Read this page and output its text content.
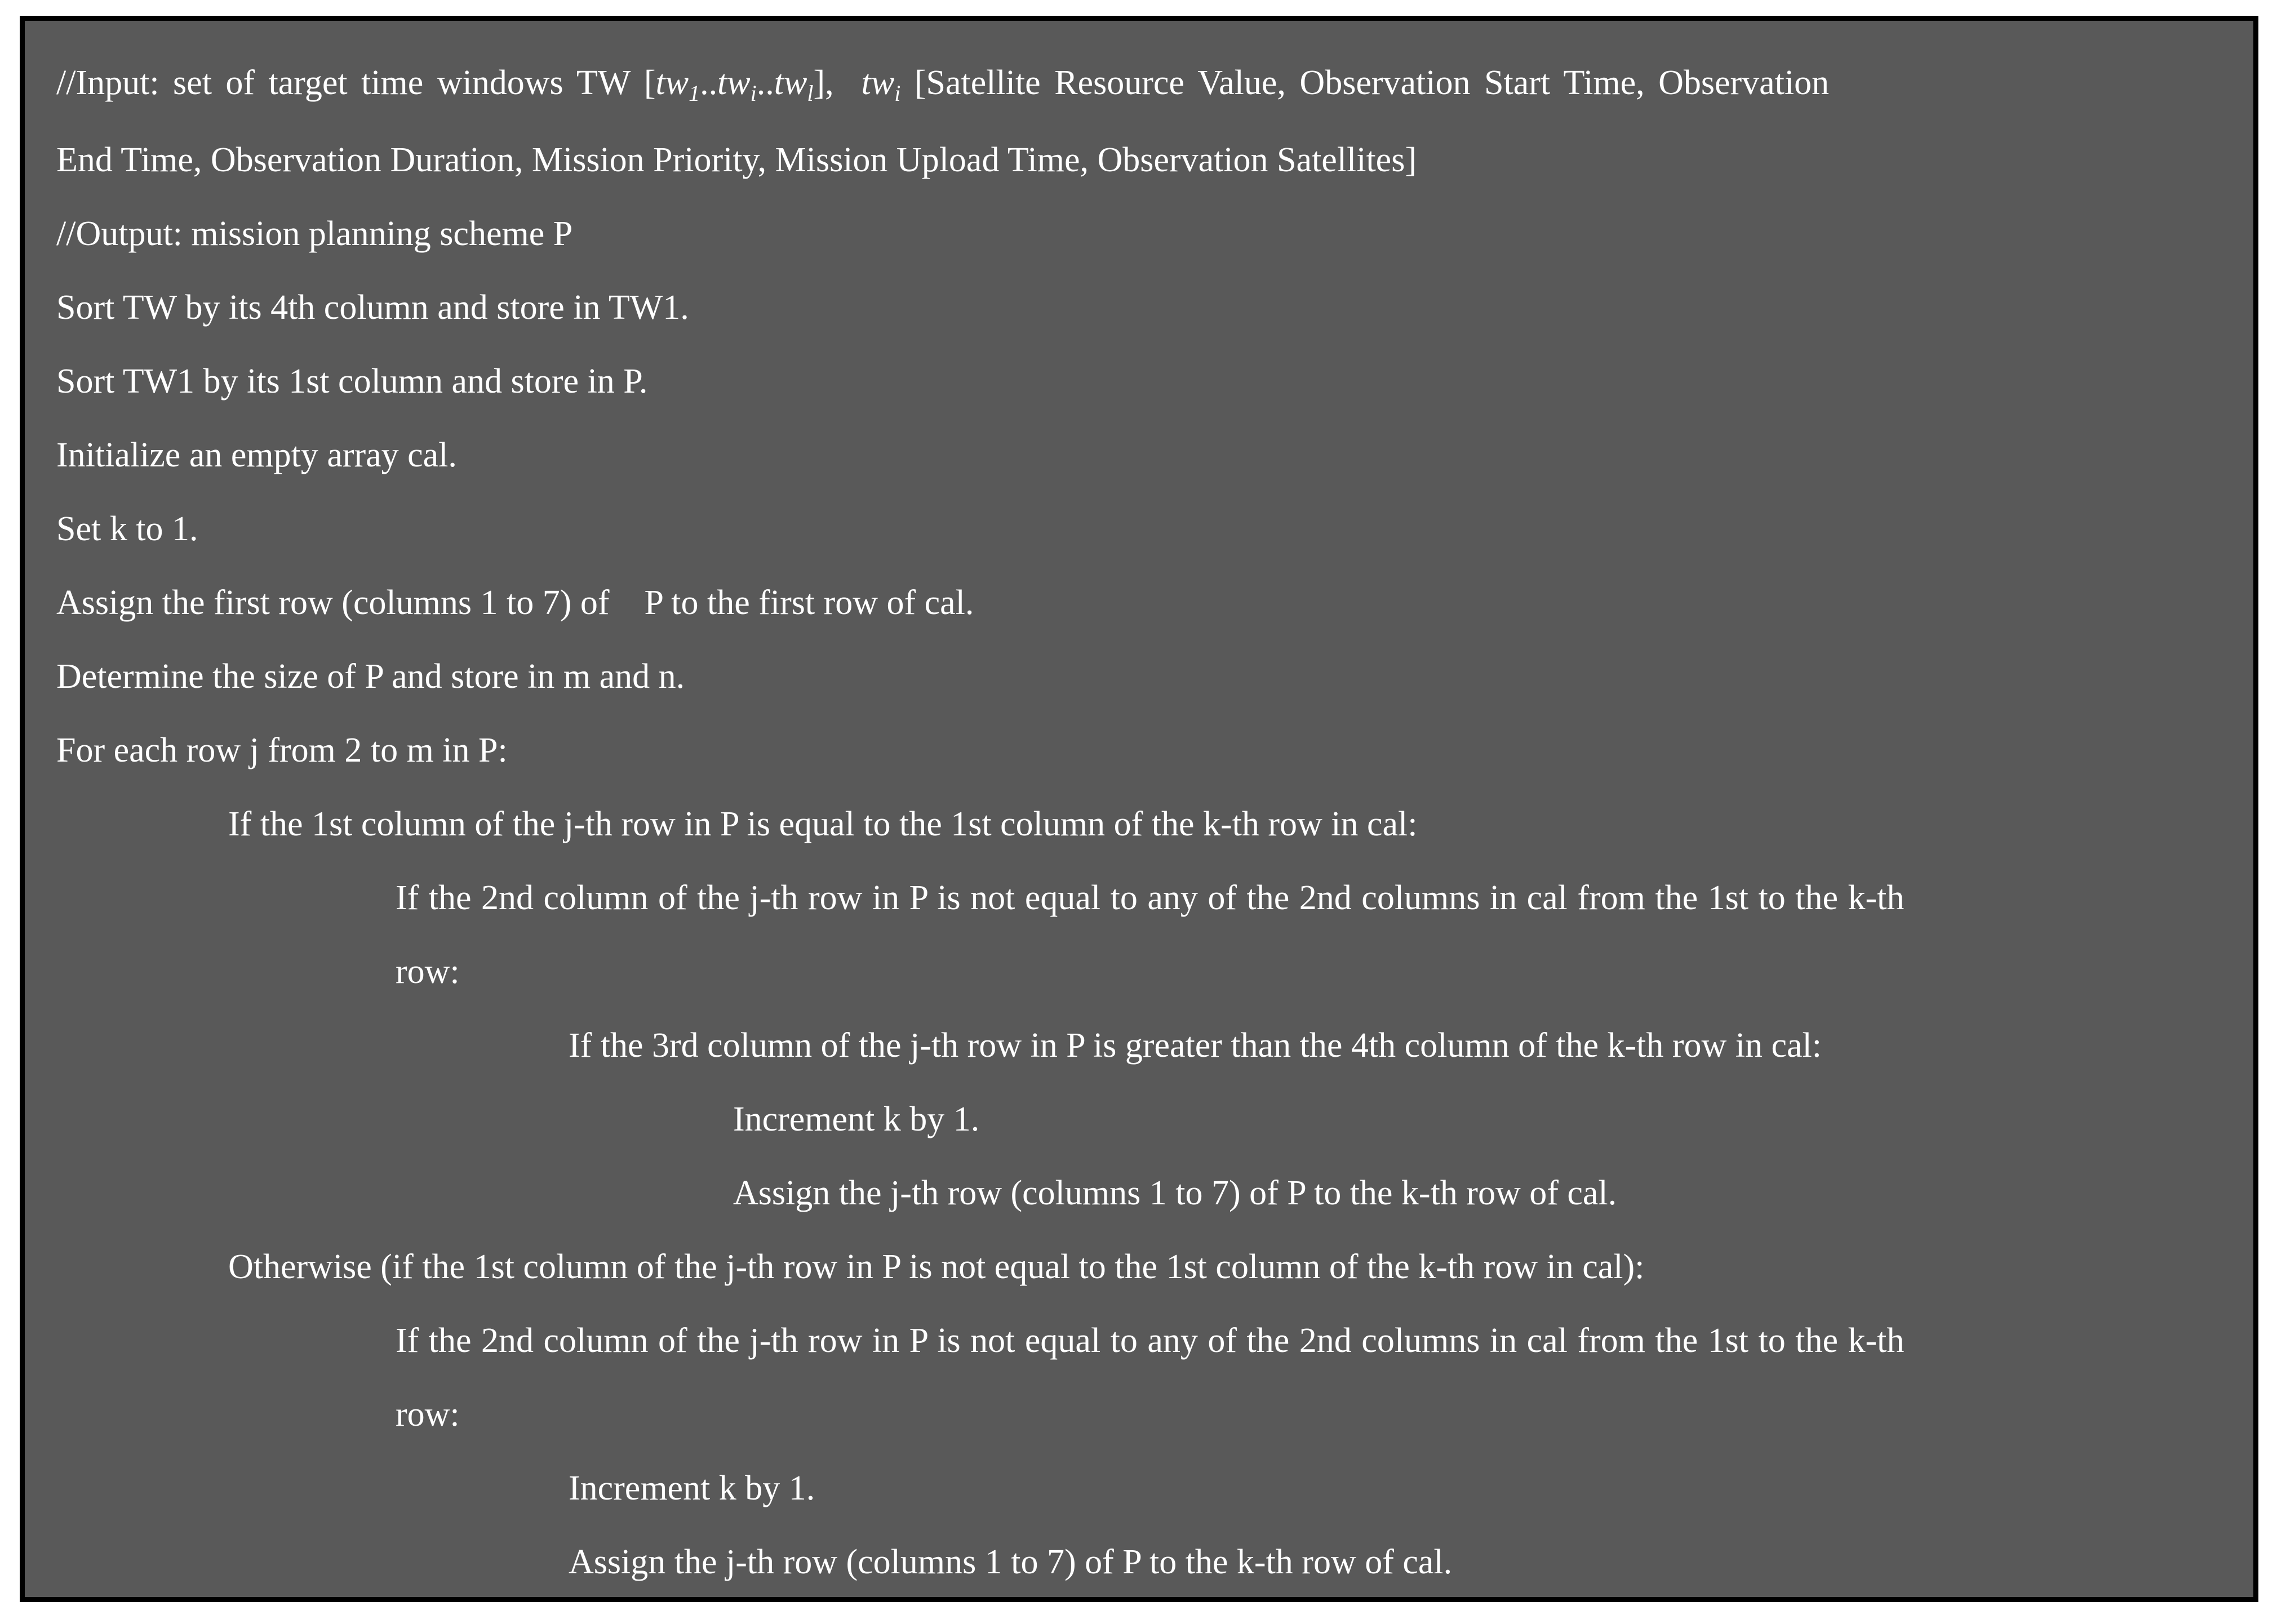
//Input: set of target time windows TW [tw1..twi..twl],  twi [Satellite Resource Value, Observation Start Time, Observation
End Time, Observation Duration, Mission Priority, Mission Upload Time, Observation Satellites]
//Output: mission planning scheme P
Sort TW by its 4th column and store in TW1.
Sort TW1 by its 1st column and store in P.
Initialize an empty array cal.
Set k to 1.
Assign the first row (columns 1 to 7) of    P to the first row of cal.
Determine the size of P and store in m and n.
For each row j from 2 to m in P:
If the 1st column of the j-th row in P is equal to the 1st column of the k-th row in cal:
If the 2nd column of the j-th row in P is not equal to any of the 2nd columns in cal from the 1st to the k-th
row:
If the 3rd column of the j-th row in P is greater than the 4th column of the k-th row in cal:
Increment k by 1.
Assign the j-th row (columns 1 to 7) of P to the k-th row of cal.
Otherwise (if the 1st column of the j-th row in P is not equal to the 1st column of the k-th row in cal):
If the 2nd column of the j-th row in P is not equal to any of the 2nd columns in cal from the 1st to the k-th
row:
Increment k by 1.
Assign the j-th row (columns 1 to 7) of P to the k-th row of cal.
